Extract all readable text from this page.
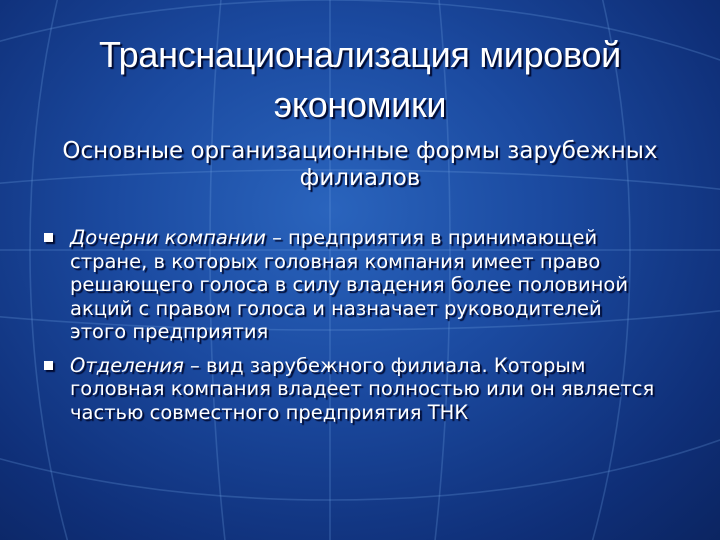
Транснационализация мировой экономики
Основные организационные формы зарубежных филиалов
Дочерни компании – предприятия в принимающей стране, в которых головная компания имеет право решающего голоса в силу владения более половиной акций с правом голоса и назначает руководителей этого предприятия
Отделения – вид зарубежного филиала. Которым головная компания владеет полностью или он является частью совместного предприятия ТНК
